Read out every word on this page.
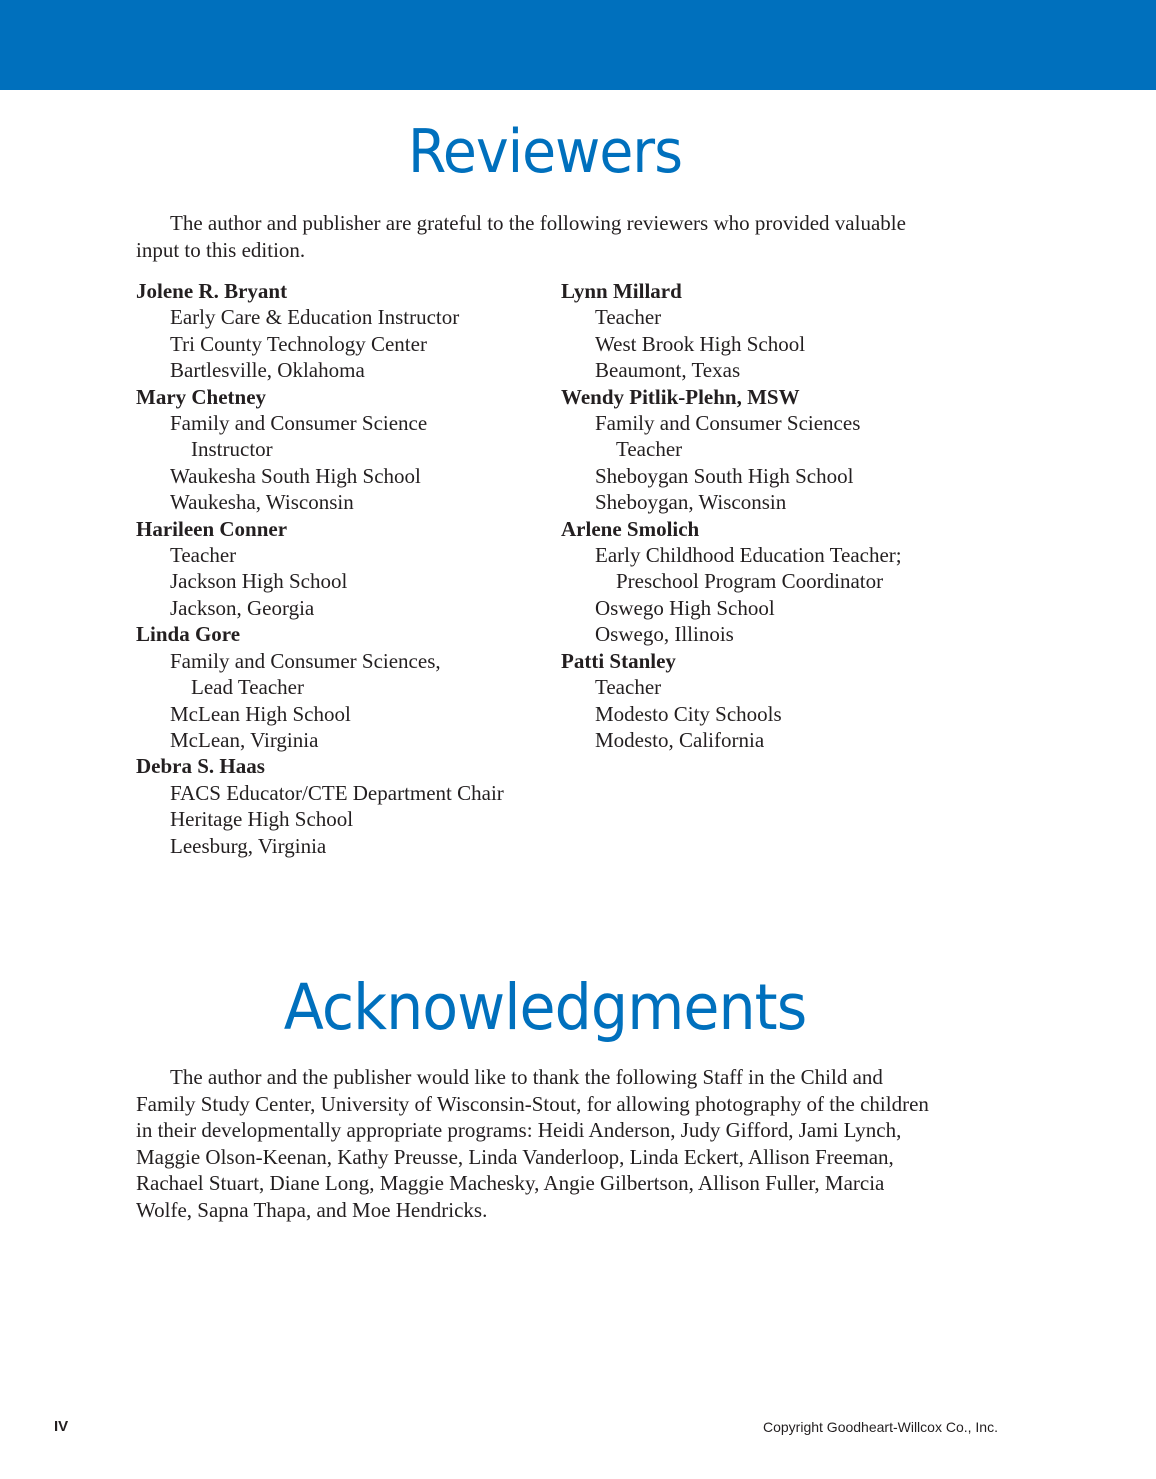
Reviewers

The author and publisher are grateful to the following reviewers who provided valuable input to this edition.

Jolene R. Bryant
Early Care & Education Instructor
Tri County Technology Center
Bartlesville, Oklahoma
Mary Chetney
Family and Consumer Science
Instructor
Waukesha South High School
Waukesha, Wisconsin
Harileen Conner
Teacher
Jackson High School
Jackson, Georgia
Linda Gore
Family and Consumer Sciences,
Lead Teacher
McLean High School
McLean, Virginia
Debra S. Haas
FACS Educator/CTE Department Chair
Heritage High School
Leesburg, Virginia
Lynn Millard
Teacher
West Brook High School
Beaumont, Texas
Wendy Pitlik-Plehn, MSW
Family and Consumer Sciences
Teacher
Sheboygan South High School
Sheboygan, Wisconsin
Arlene Smolich
Early Childhood Education Teacher;
Preschool Program Coordinator
Oswego High School
Oswego, Illinois
Patti Stanley
Teacher
Modesto City Schools
Modesto, California
Acknowledgments

The author and the publisher would like to thank the following Staff in the Child and Family Study Center, University of Wisconsin-Stout, for allowing photography of the children in their developmentally appropriate programs: Heidi Anderson, Judy Gifford, Jami Lynch, Maggie Olson-Keenan, Kathy Preusse, Linda Vanderloop, Linda Eckert, Allison Freeman, Rachael Stuart, Diane Long, Maggie Machesky, Angie Gilbertson, Allison Fuller, Marcia Wolfe, Sapna Thapa, and Moe Hendricks.

IV	Copyright Goodheart-Willcox Co., Inc.
